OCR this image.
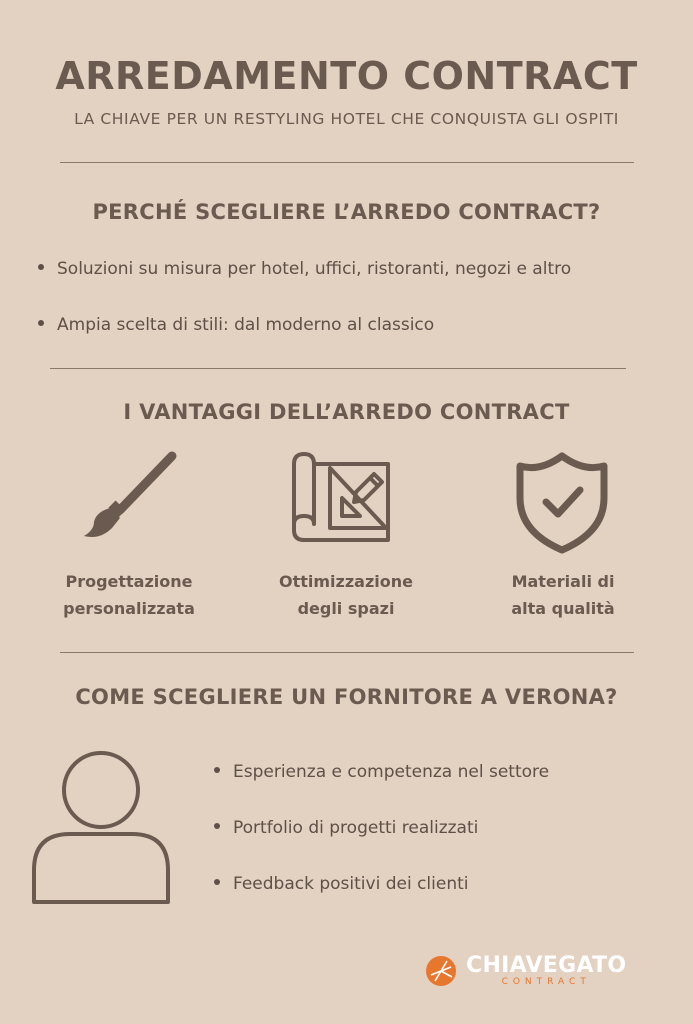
ARREDAMENTO CONTRACT
LA CHIAVE PER UN RESTYLING HOTEL CHE CONQUISTA GLI OSPITI
PERCHÉ SCEGLIERE L’ARREDO CONTRACT?
Soluzioni su misura per hotel, uffici, ristoranti, negozi e altro
Ampia scelta di stili: dal moderno al classico
I VANTAGGI DELL’ARREDO CONTRACT
Progettazione
personalizzata
Ottimizzazione
degli spazi
Materiali di
alta qualità
COME SCEGLIERE UN FORNITORE A VERONA?
Esperienza e competenza nel settore
Portfolio di progetti realizzati
Feedback positivi dei clienti
CHIAVEGATO
CONTRACT
